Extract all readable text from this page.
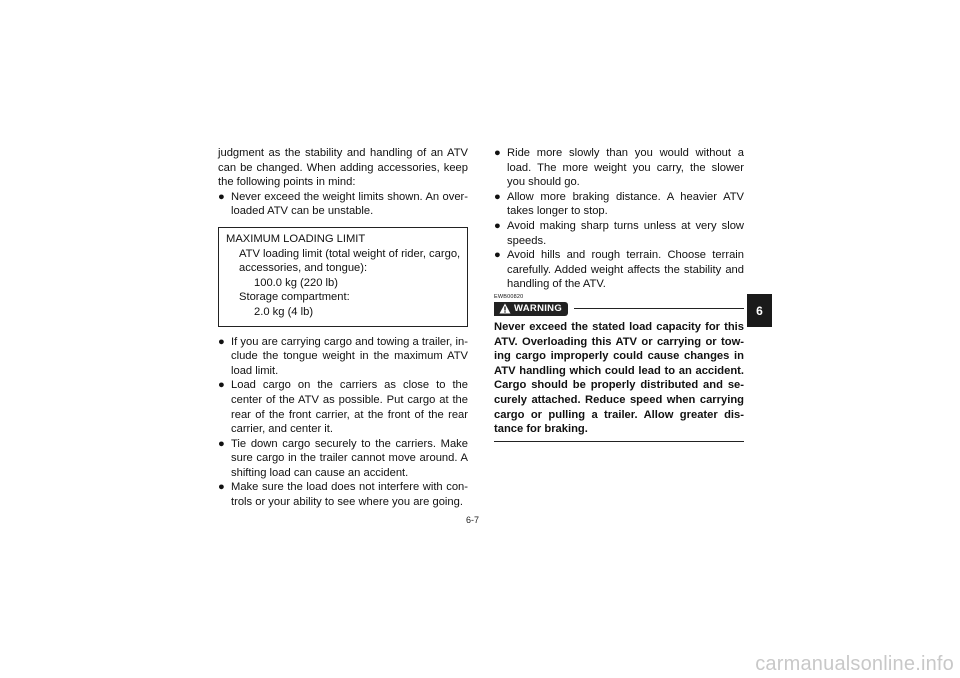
judgment as the stability and handling of an ATV can be changed. When adding accessories, keep the following points in mind:

● Never exceed the weight limits shown. An over-loaded ATV can be unstable.
MAXIMUM LOADING LIMIT
ATV loading limit (total weight of rider, cargo, accessories, and tongue):
100.0 kg (220 lb)
Storage compartment:
2.0 kg (4 lb)
● If you are carrying cargo and towing a trailer, in-clude the tongue weight in the maximum ATV load limit.
● Load cargo on the carriers as close to the center of the ATV as possible. Put cargo at the rear of the front carrier, at the front of the rear carrier, and center it.
● Tie down cargo securely to the carriers. Make sure cargo in the trailer cannot move around. A shifting load can cause an accident.
● Make sure the load does not interfere with con-trols or your ability to see where you are going.
● Ride more slowly than you would without a load. The more weight you carry, the slower you should go.
● Allow more braking distance. A heavier ATV takes longer to stop.
● Avoid making sharp turns unless at very slow speeds.
● Avoid hills and rough terrain. Choose terrain carefully. Added weight affects the stability and handling of the ATV.
EWB00820
WARNING
Never exceed the stated load capacity for this ATV. Overloading this ATV or carrying or tow-ing cargo improperly could cause changes in ATV handling which could lead to an accident. Cargo should be properly distributed and se-curely attached. Reduce speed when carrying cargo or pulling a trailer. Allow greater dis-tance for braking.
6
6-7
carmanualsonline.info
